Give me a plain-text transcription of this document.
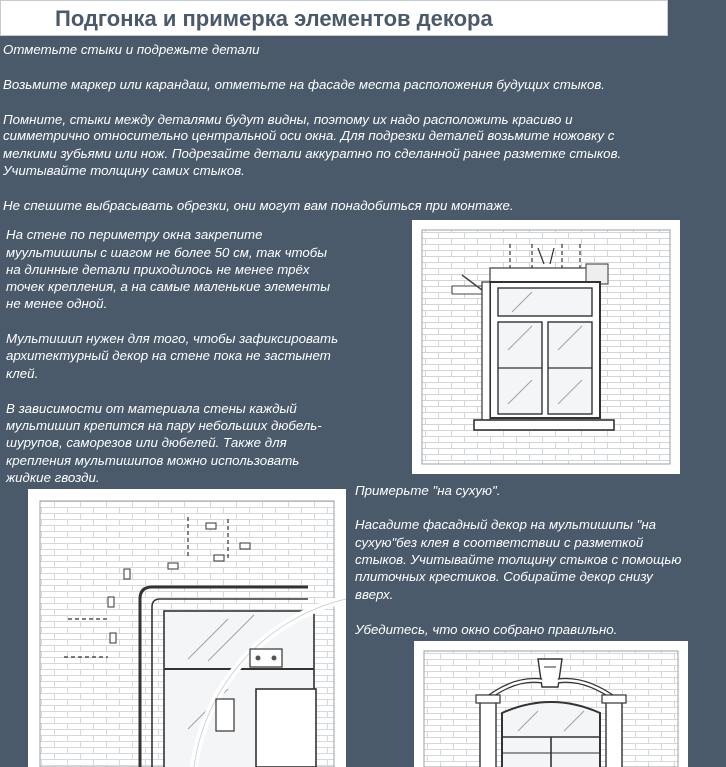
Подгонка и примерка элементов декора
Отметьте стыки и подрежьте детали
Возьмите маркер или карандаш, отметьте на фасаде места расположения будущих стыков.
Помните, стыки между деталями будут видны, поэтому их надо расположить красиво и
симметрично относительно центральной оси окна. Для подрезки деталей возьмите ножовку с
мелкими зубьями или нож. Подрезайте детали аккуратно по сделанной ранее разметке стыков.
Учитывайте толщину самих стыков.
Не спешите выбрасывать обрезки, они могут вам понадобиться при монтаже.
На стене по периметру окна закрепите
муультишипы с шагом не более 50 см, так чтобы
на длинные детали приходилось не менее трёх
точек крепления, а на самые маленькие элементы
не менее одной.
Мультишип нужен для того, чтобы зафиксировать
архитектурный декор на стене пока не застынет
клей.
В зависимости от материала стены каждый
мультишип крепится на пару небольших дюбель-
шурупов, саморезов или дюбелей. Также для
крепления мультишипов можно использовать
жидкие гвозди.
Примерьте "на сухую".
Насадите фасадный декор на мультишипы "на
сухую"без клея в соответствии с разметкой
стыков. Учитывайте толщину стыков с помощью
плиточных крестиков. Собирайте декор снизу
вверх.
Убедитесь, что окно собрано правильно.
